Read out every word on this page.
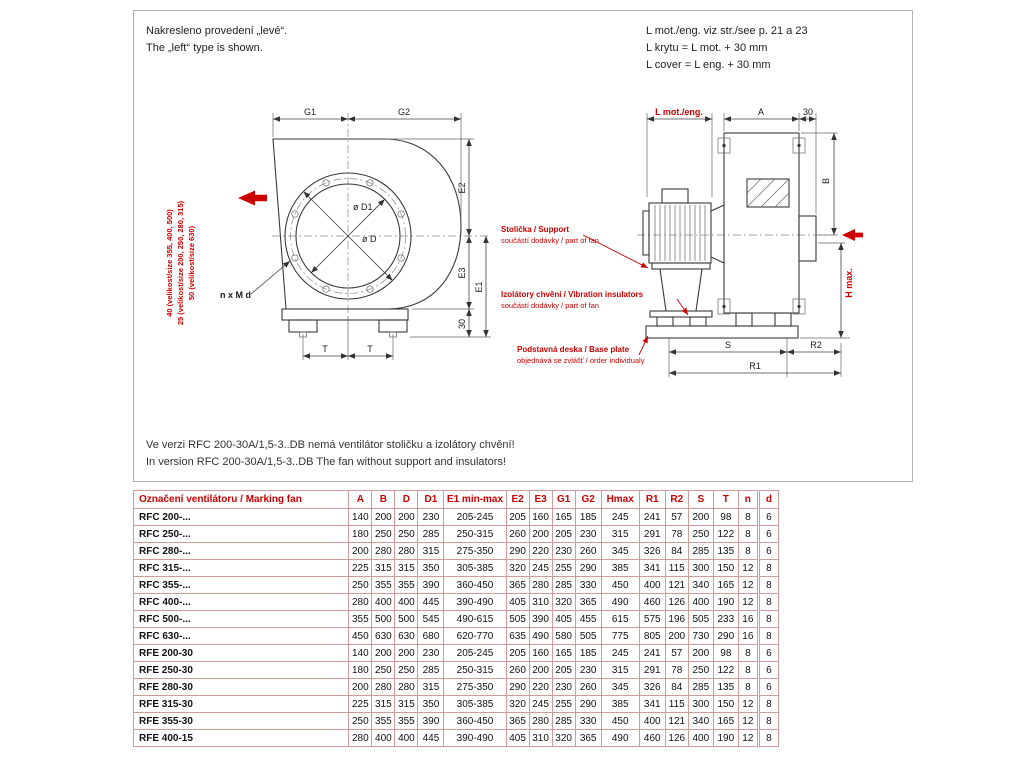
Nakresleno provedení „levé“.
The „left“ type is shown.
L mot./eng. viz str./see p. 21 a 23
L krytu = L mot. + 30 mm
L cover = L eng. + 30 mm
ø D1
ø D
G1	G2
E2
E3
30
E1
n x M d
T	T
40 (velikost/size 355, 400, 500) 25 (velikost/size 200, 250, 280, 315) 50 (velikost/size 630)
L mot./eng.	A	30
B
H max.
S	R2
R1
Stolička / Support
součástí dodávky / part of fan
Izolátory chvění / Vibration insulators
součástí dodávky / part of fan
Podstavná deska / Base plate
objednává se zvlášť / order individualy
Ve verzi RFC 200-30A/1,5-3..DB nemá ventilátor stoličku a izolátory chvění!
In version RFC 200-30A/1,5-3..DB The fan without support and insulators!
Označení ventilátoru / Marking fan	A	B	D	D1	E1 min-max	E2	E3	G1	G2	Hmax	R1	R2	S	T	n	d
RFC 200-...	140	200	200	230	205-245	205	160	165	185	245	241	57	200	98	8	6
RFC 250-...	180	250	250	285	250-315	260	200	205	230	315	291	78	250	122	8	6
RFC 280-...	200	280	280	315	275-350	290	220	230	260	345	326	84	285	135	8	6
RFC 315-...	225	315	315	350	305-385	320	245	255	290	385	341	115	300	150	12	8
RFC 355-...	250	355	355	390	360-450	365	280	285	330	450	400	121	340	165	12	8
RFC 400-...	280	400	400	445	390-490	405	310	320	365	490	460	126	400	190	12	8
RFC 500-...	355	500	500	545	490-615	505	390	405	455	615	575	196	505	233	16	8
RFC 630-...	450	630	630	680	620-770	635	490	580	505	775	805	200	730	290	16	8
RFE 200-30	140	200	200	230	205-245	205	160	165	185	245	241	57	200	98	8	6
RFE 250-30	180	250	250	285	250-315	260	200	205	230	315	291	78	250	122	8	6
RFE 280-30	200	280	280	315	275-350	290	220	230	260	345	326	84	285	135	8	6
RFE 315-30	225	315	315	350	305-385	320	245	255	290	385	341	115	300	150	12	8
RFE 355-30	250	355	355	390	360-450	365	280	285	330	450	400	121	340	165	12	8
RFE 400-15	280	400	400	445	390-490	405	310	320	365	490	460	126	400	190	12	8
